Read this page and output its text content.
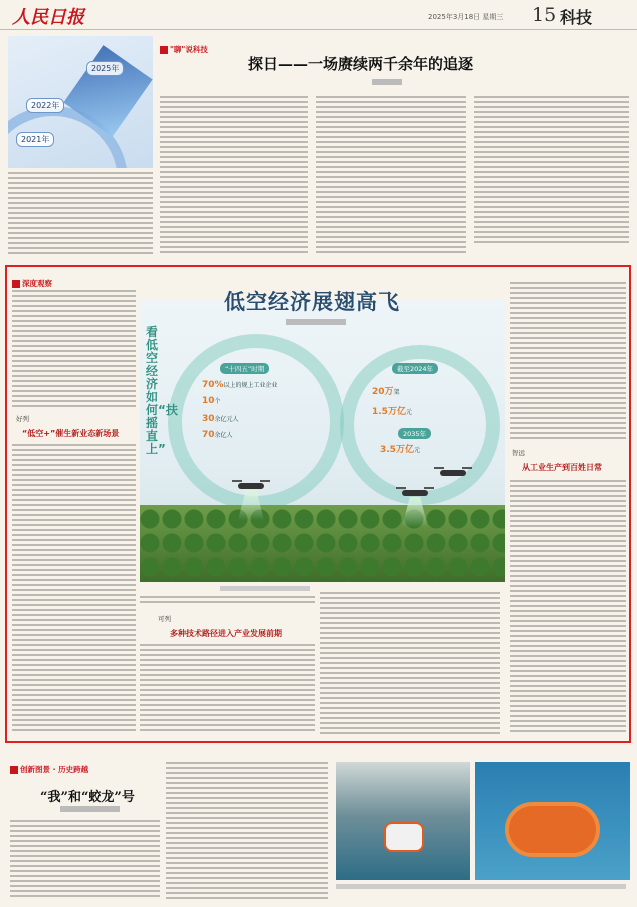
人民日报	2025年3月18日 星期三 15 科技
2025年
2022年
2021年
"聊"说科技
探日——一场赓续两千余年的追逐
深度观察
“十四五”时期
70%以上的规上工业企业
10个
30余亿元人
70余亿人
截至2024年
20万架
1.5万亿元
2035年
3.5万亿元
看低空经济如何“扶摇直上”
低空经济展翅高飞
好列
“低空+”催生新业态新场景
可列
多种技术路径进入产业发展前期
智远
从工业生产到百姓日常
创新图景 · 历史跨越
“我”和“蛟龙”号
